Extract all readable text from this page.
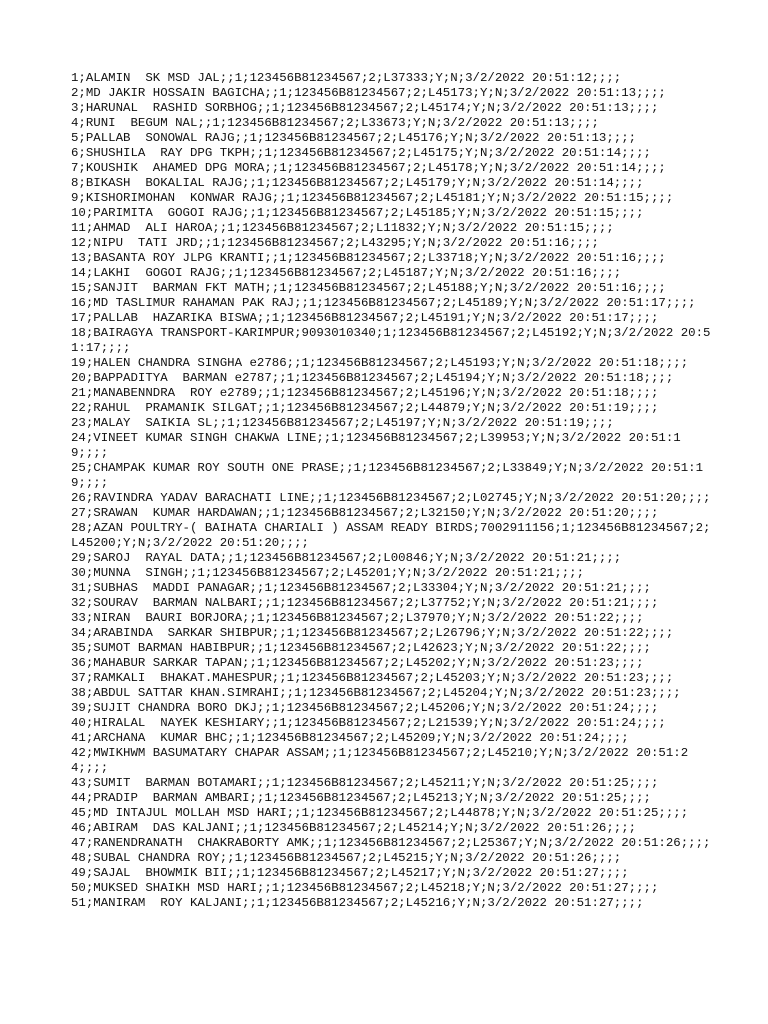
1;ALAMIN  SK MSD JAL;;1;123456B81234567;2;L37333;Y;N;3/2/2022 20:51:12;;;;

2;MD JAKIR HOSSAIN BAGICHA;;1;123456B81234567;2;L45173;Y;N;3/2/2022 20:51:13;;;;

3;HARUNAL  RASHID SORBHOG;;1;123456B81234567;2;L45174;Y;N;3/2/2022 20:51:13;;;;

4;RUNI  BEGUM NAL;;1;123456B81234567;2;L33673;Y;N;3/2/2022 20:51:13;;;;

5;PALLAB  SONOWAL RAJG;;1;123456B81234567;2;L45176;Y;N;3/2/2022 20:51:13;;;;

6;SHUSHILA  RAY DPG TKPH;;1;123456B81234567;2;L45175;Y;N;3/2/2022 20:51:14;;;;

7;KOUSHIK  AHAMED DPG MORA;;1;123456B81234567;2;L45178;Y;N;3/2/2022 20:51:14;;;;

8;BIKASH  BOKALIAL RAJG;;1;123456B81234567;2;L45179;Y;N;3/2/2022 20:51:14;;;;

9;KISHORIMOHAN  KONWAR RAJG;;1;123456B81234567;2;L45181;Y;N;3/2/2022 20:51:15;;;;

10;PARIMITA  GOGOI RAJG;;1;123456B81234567;2;L45185;Y;N;3/2/2022 20:51:15;;;;

11;AHMAD  ALI HAROA;;1;123456B81234567;2;L11832;Y;N;3/2/2022 20:51:15;;;;

12;NIPU  TATI JRD;;1;123456B81234567;2;L43295;Y;N;3/2/2022 20:51:16;;;;

13;BASANTA ROY JLPG KRANTI;;1;123456B81234567;2;L33718;Y;N;3/2/2022 20:51:16;;;;

14;LAKHI  GOGOI RAJG;;1;123456B81234567;2;L45187;Y;N;3/2/2022 20:51:16;;;;

15;SANJIT  BARMAN FKT MATH;;1;123456B81234567;2;L45188;Y;N;3/2/2022 20:51:16;;;;

16;MD TASLIMUR RAHAMAN PAK RAJ;;1;123456B81234567;2;L45189;Y;N;3/2/2022 20:51:17;;;;

17;PALLAB  HAZARIKA BISWA;;1;123456B81234567;2;L45191;Y;N;3/2/2022 20:51:17;;;;

18;BAIRAGYA TRANSPORT-KARIMPUR;9093010340;1;123456B81234567;2;L45192;Y;N;3/2/2022 20:51:17;;;;

19;HALEN CHANDRA SINGHA e2786;;1;123456B81234567;2;L45193;Y;N;3/2/2022 20:51:18;;;;

20;BAPPADITYA  BARMAN e2787;;1;123456B81234567;2;L45194;Y;N;3/2/2022 20:51:18;;;;

21;MANABENNDRA  ROY e2789;;1;123456B81234567;2;L45196;Y;N;3/2/2022 20:51:18;;;;

22;RAHUL  PRAMANIK SILGAT;;1;123456B81234567;2;L44879;Y;N;3/2/2022 20:51:19;;;;

23;MALAY  SAIKIA SL;;1;123456B81234567;2;L45197;Y;N;3/2/2022 20:51:19;;;;

24;VINEET KUMAR SINGH CHAKWA LINE;;1;123456B81234567;2;L39953;Y;N;3/2/2022 20:51:19;;;;

25;CHAMPAK KUMAR ROY SOUTH ONE PRASE;;1;123456B81234567;2;L33849;Y;N;3/2/2022 20:51:19;;;;

26;RAVINDRA YADAV BARACHATI LINE;;1;123456B81234567;2;L02745;Y;N;3/2/2022 20:51:20;;;;

27;SRAWAN  KUMAR HARDAWAN;;1;123456B81234567;2;L32150;Y;N;3/2/2022 20:51:20;;;;

28;AZAN POULTRY-( BAIHATA CHARIALI ) ASSAM READY BIRDS;7002911156;1;123456B81234567;2;L45200;Y;N;3/2/2022 20:51:20;;;;

29;SAROJ  RAYAL DATA;;1;123456B81234567;2;L00846;Y;N;3/2/2022 20:51:21;;;;

30;MUNNA  SINGH;;1;123456B81234567;2;L45201;Y;N;3/2/2022 20:51:21;;;;

31;SUBHAS  MADDI PANAGAR;;1;123456B81234567;2;L33304;Y;N;3/2/2022 20:51:21;;;;

32;SOURAV  BARMAN NALBARI;;1;123456B81234567;2;L37752;Y;N;3/2/2022 20:51:21;;;;

33;NIRAN  BAURI BORJORA;;1;123456B81234567;2;L37970;Y;N;3/2/2022 20:51:22;;;;

34;ARABINDA  SARKAR SHIBPUR;;1;123456B81234567;2;L26796;Y;N;3/2/2022 20:51:22;;;;

35;SUMOT BARMAN HABIBPUR;;1;123456B81234567;2;L42623;Y;N;3/2/2022 20:51:22;;;;

36;MAHABUR SARKAR TAPAN;;1;123456B81234567;2;L45202;Y;N;3/2/2022 20:51:23;;;;

37;RAMKALI  BHAKAT.MAHESPUR;;1;123456B81234567;2;L45203;Y;N;3/2/2022 20:51:23;;;;

38;ABDUL SATTAR KHAN.SIMRAHI;;1;123456B81234567;2;L45204;Y;N;3/2/2022 20:51:23;;;;

39;SUJIT CHANDRA BORO DKJ;;1;123456B81234567;2;L45206;Y;N;3/2/2022 20:51:24;;;;

40;HIRALAL  NAYEK KESHIARY;;1;123456B81234567;2;L21539;Y;N;3/2/2022 20:51:24;;;;

41;ARCHANA  KUMAR BHC;;1;123456B81234567;2;L45209;Y;N;3/2/2022 20:51:24;;;;

42;MWIKHWM BASUMATARY CHAPAR ASSAM;;1;123456B81234567;2;L45210;Y;N;3/2/2022 20:51:24;;;;

43;SUMIT  BARMAN BOTAMARI;;1;123456B81234567;2;L45211;Y;N;3/2/2022 20:51:25;;;;

44;PRADIP  BARMAN AMBARI;;1;123456B81234567;2;L45213;Y;N;3/2/2022 20:51:25;;;;

45;MD INTAJUL MOLLAH MSD HARI;;1;123456B81234567;2;L44878;Y;N;3/2/2022 20:51:25;;;;

46;ABIRAM  DAS KALJANI;;1;123456B81234567;2;L45214;Y;N;3/2/2022 20:51:26;;;;

47;RANENDRANATH  CHAKRABORTY AMK;;1;123456B81234567;2;L25367;Y;N;3/2/2022 20:51:26;;;;

48;SUBAL CHANDRA ROY;;1;123456B81234567;2;L45215;Y;N;3/2/2022 20:51:26;;;;

49;SAJAL  BHOWMIK BII;;1;123456B81234567;2;L45217;Y;N;3/2/2022 20:51:27;;;;

50;MUKSED SHAIKH MSD HARI;;1;123456B81234567;2;L45218;Y;N;3/2/2022 20:51:27;;;;

51;MANIRAM  ROY KALJANI;;1;123456B81234567;2;L45216;Y;N;3/2/2022 20:51:27;;;;
